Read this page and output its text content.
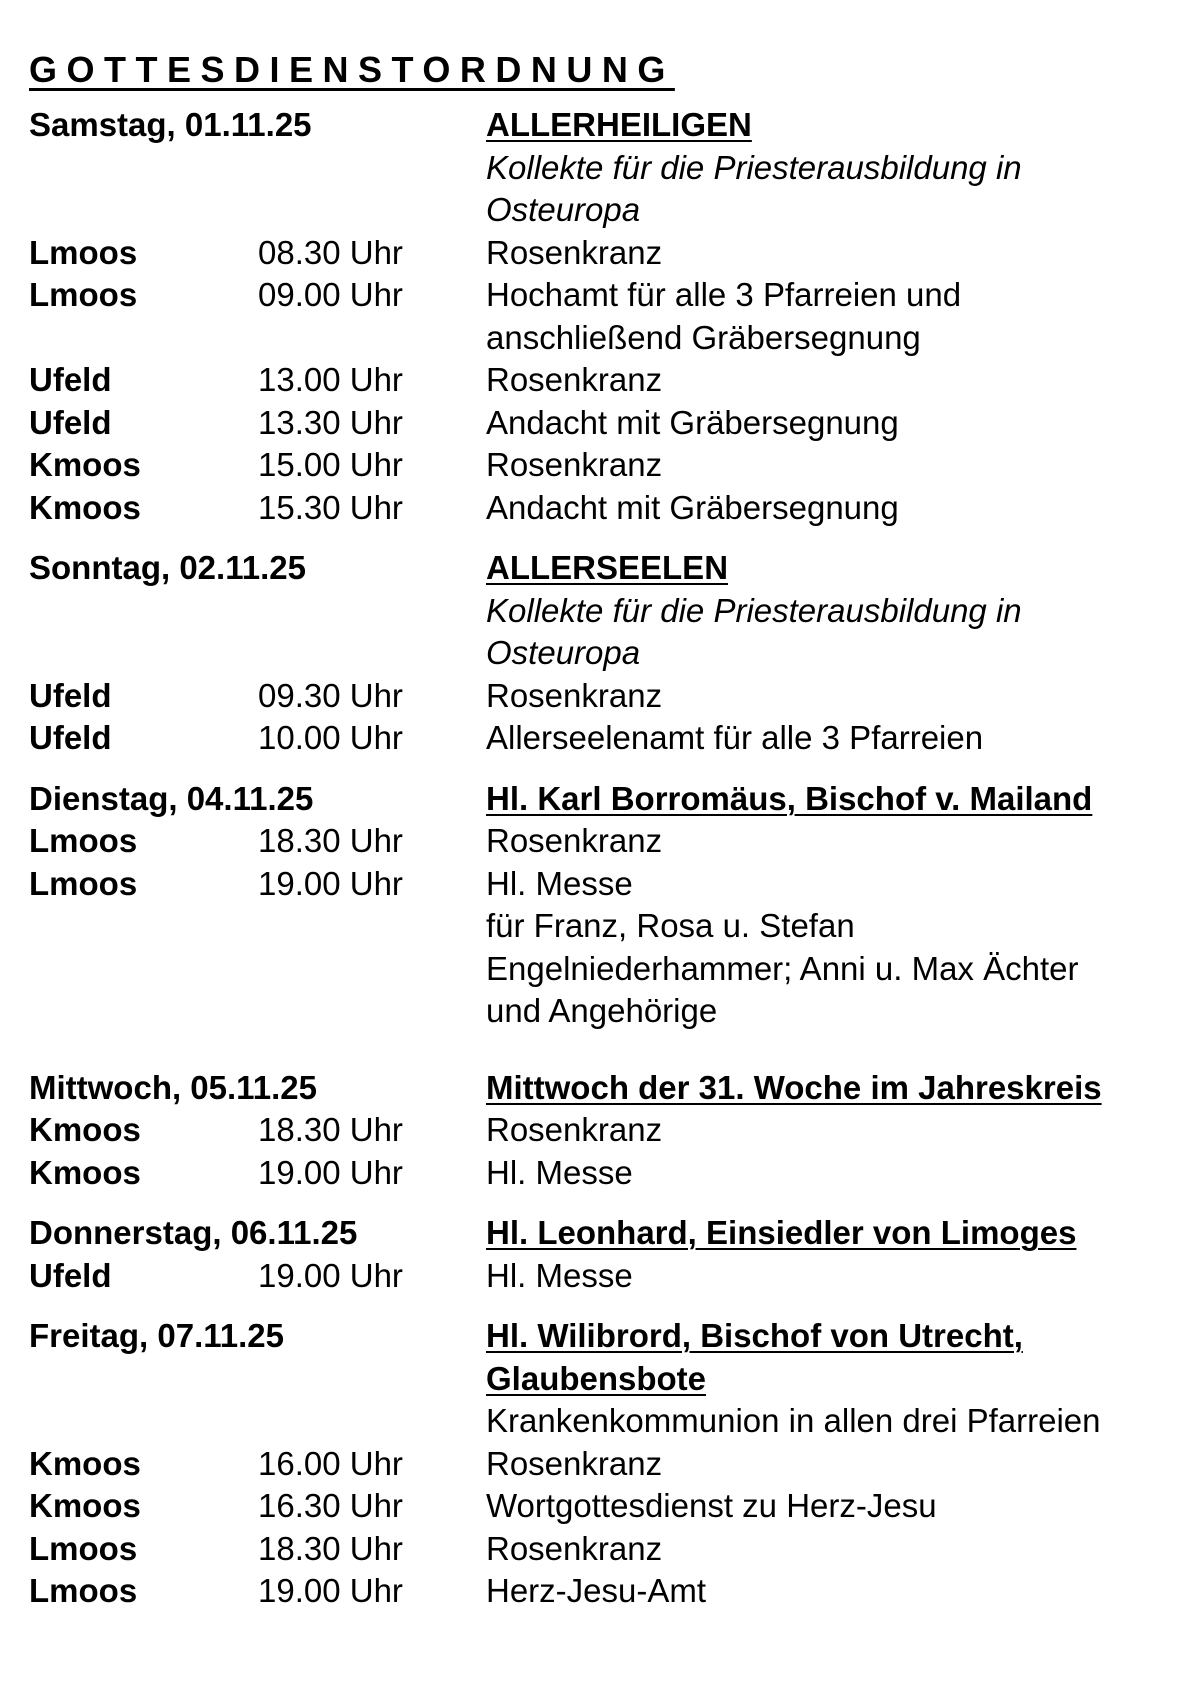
GOTTESDIENSTORDNUNG
Samstag, 01.11.25	ALLERHEILIGEN
Kollekte für die Priesterausbildung in
Osteuropa
Lmoos	08.30 Uhr	Rosenkranz
Lmoos	09.00 Uhr	Hochamt für alle 3 Pfarreien und
anschließend Gräbersegnung
Ufeld	13.00 Uhr	Rosenkranz
Ufeld	13.30 Uhr	Andacht mit Gräbersegnung
Kmoos	15.00 Uhr	Rosenkranz
Kmoos	15.30 Uhr	Andacht mit Gräbersegnung
Sonntag, 02.11.25	ALLERSEELEN
Kollekte für die Priesterausbildung in
Osteuropa
Ufeld	09.30 Uhr	Rosenkranz
Ufeld	10.00 Uhr	Allerseelenamt für alle 3 Pfarreien
Dienstag, 04.11.25	Hl. Karl Borromäus, Bischof v. Mailand
Lmoos	18.30 Uhr	Rosenkranz
Lmoos	19.00 Uhr	Hl. Messe
für Franz, Rosa u. Stefan
Engelniederhammer; Anni u. Max Ächter
und Angehörige
Mittwoch, 05.11.25	Mittwoch der 31. Woche im Jahreskreis
Kmoos	18.30 Uhr	Rosenkranz
Kmoos	19.00 Uhr	Hl. Messe
Donnerstag, 06.11.25	Hl. Leonhard, Einsiedler von Limoges
Ufeld	19.00 Uhr	Hl. Messe
Freitag, 07.11.25	Hl. Wilibrord, Bischof von Utrecht,
Glaubensbote
Krankenkommunion in allen drei Pfarreien
Kmoos	16.00 Uhr	Rosenkranz
Kmoos	16.30 Uhr	Wortgottesdienst zu Herz-Jesu
Lmoos	18.30 Uhr	Rosenkranz
Lmoos	19.00 Uhr	Herz-Jesu-Amt
